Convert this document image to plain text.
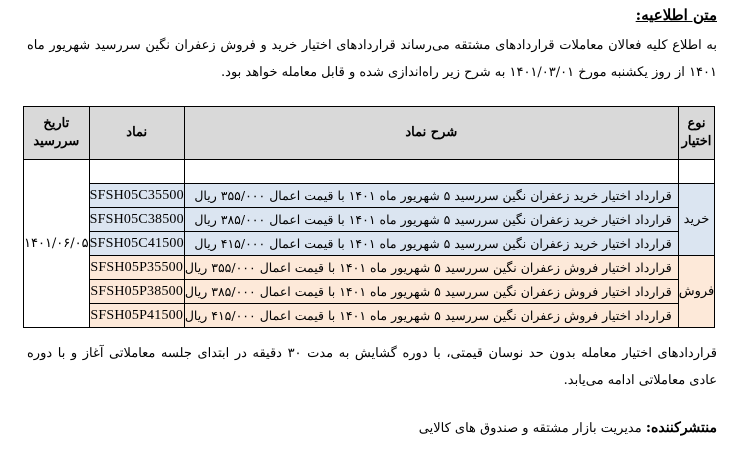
متن اطلاعیه:
به اطلاع کلیه فعالان معاملات قراردادهای مشتقه می‌رساند قراردادهای اختیار خرید و فروش زعفران نگین سررسید شهریور ماه ۱۴۰۱ از روز یکشنبه مورخ ۱۴۰۱/۰۳/۰۱ به شرح زیر راه‌اندازی شده و قابل معامله خواهد بود.
نوع اختیار	شرح نماد	نماد	تاریخ سررسید
			۱۴۰۱/۰۶/۰۵
خرید	قرارداد اختیار خرید زعفران نگین سررسید ۵ شهریور ماه ۱۴۰۱ با قیمت اعمال ۳۵۵/۰۰۰ ریال	SFSH05C35500	
	قرارداد اختیار خرید زعفران نگین سررسید ۵ شهریور ماه ۱۴۰۱ با قیمت اعمال ۳۸۵/۰۰۰ ریال	SFSH05C38500	
	قرارداد اختیار خرید زعفران نگین سررسید ۵ شهریور ماه ۱۴۰۱ با قیمت اعمال ۴۱۵/۰۰۰ ریال	SFSH05C41500	
فروش	قرارداد اختیار فروش زعفران نگین سررسید ۵ شهریور ماه ۱۴۰۱ با قیمت اعمال ۳۵۵/۰۰۰ ریال	SFSH05P35500	
	قرارداد اختیار فروش زعفران نگین سررسید ۵ شهریور ماه ۱۴۰۱ با قیمت اعمال ۳۸۵/۰۰۰ ریال	SFSH05P38500	
	قرارداد اختیار فروش زعفران نگین سررسید ۵ شهریور ماه ۱۴۰۱ با قیمت اعمال ۴۱۵/۰۰۰ ریال	SFSH05P41500	
قراردادهای اختیار معامله بدون حد نوسان قیمتی، با دوره گشایش به مدت ۳۰ دقیقه در ابتدای جلسه معاملاتی آغاز و با دوره عادی معاملاتی ادامه می‌یابد.
منتشرکننده: مدیریت بازار مشتقه و صندوق های کالایی
